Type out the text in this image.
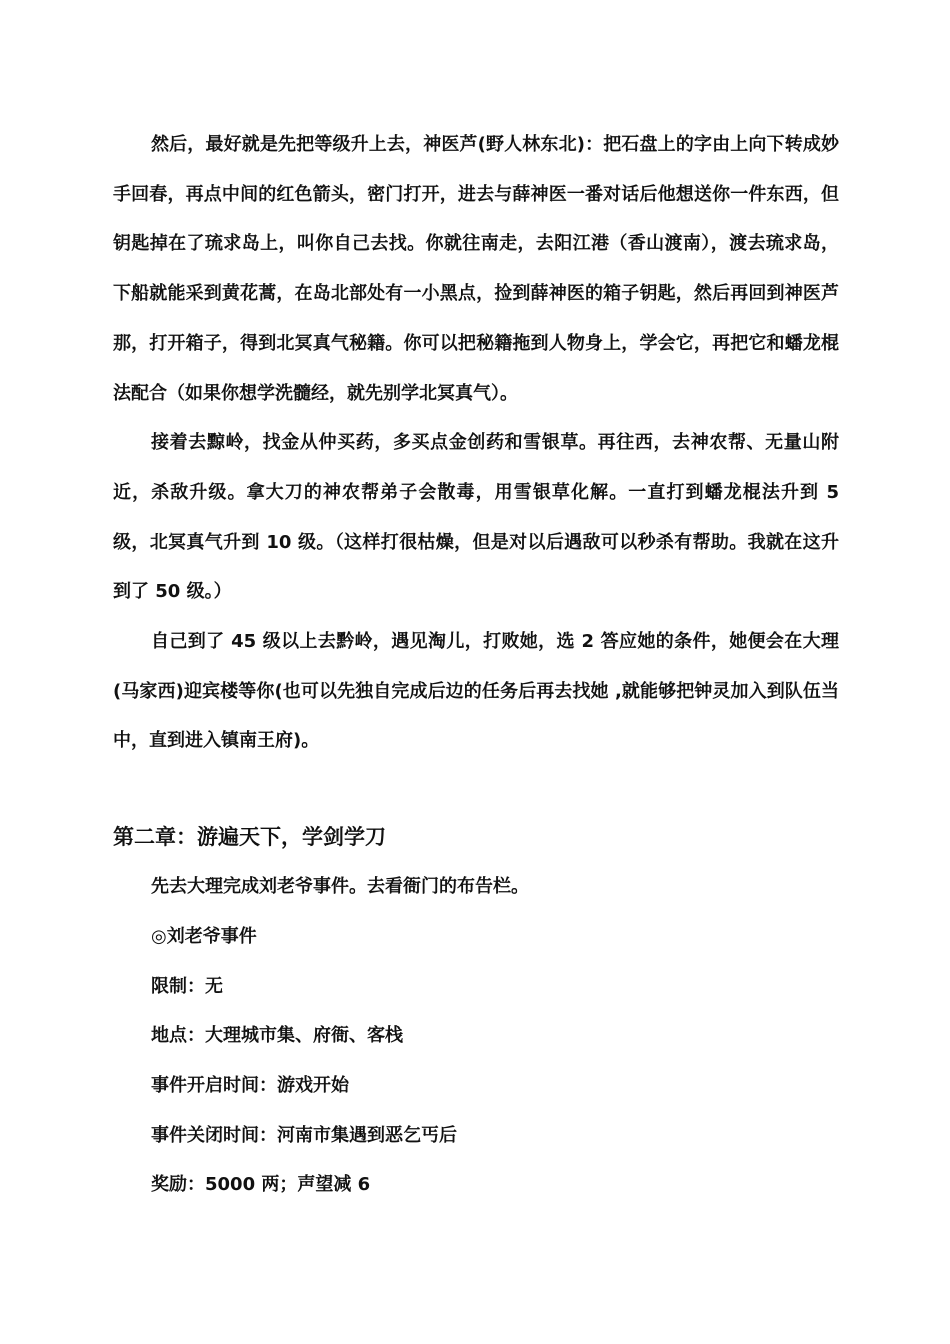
然后，最好就是先把等级升上去，神医芦(野人林东北)：把石盘上的字由上向下转成妙手回春，再点中间的红色箭头，密门打开，进去与薛神医一番对话后他想送你一件东西，但钥匙掉在了琉求岛上，叫你自己去找。你就往南走，去阳江港（香山渡南），渡去琉求岛，下船就能采到黄花蒿，在岛北部处有一小黑点，捡到薛神医的箱子钥匙，然后再回到神医芦那，打开箱子，得到北冥真气秘籍。你可以把秘籍拖到人物身上，学会它，再把它和蟠龙棍法配合（如果你想学洗髓经，就先别学北冥真气）。

接着去黥岭，找金从仲买药，多买点金创药和雪银草。再往西，去神农帮、无量山附近，杀敌升级。拿大刀的神农帮弟子会散毒，用雪银草化解。一直打到蟠龙棍法升到 5 级，北冥真气升到 10 级。（这样打很枯燥，但是对以后遇敌可以秒杀有帮助。我就在这升到了 50 级。）

自己到了 45 级以上去黔岭，遇见淘儿，打败她，选 2 答应她的条件，她便会在大理(马家西)迎宾楼等你(也可以先独自完成后边的任务后再去找她 ,就能够把钟灵加入到队伍当中，直到进入镇南王府)。

第二章：游遍天下，学剑学刀
先去大理完成刘老爷事件。去看衙门的布告栏。
◎刘老爷事件
限制：无
地点：大理城市集、府衙、客栈
事件开启时间：游戏开始
事件关闭时间：河南市集遇到恶乞丐后
奖励：5000 两；声望减 6
